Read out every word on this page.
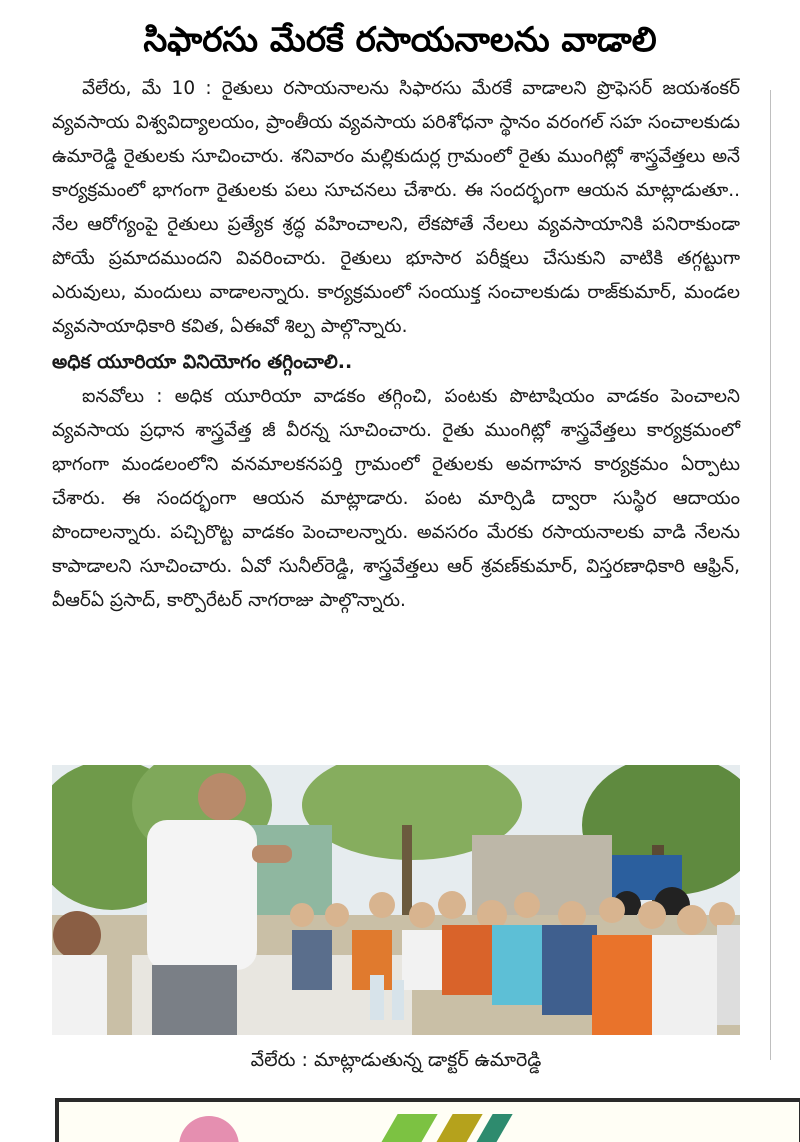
సిఫారసు మేరకే రసాయనాలను వాడాలి

వేలేరు, మే 10 : రైతులు రసాయనాలను సిఫారసు మేరకే వాడాలని ప్రొఫెసర్ జయశంకర్ వ్యవసాయ విశ్వవిద్యాలయం, ప్రాంతీయ వ్యవసాయ పరిశోధనా స్థానం వరంగల్ సహ సంచాలకుడు ఉమారెడ్డి రైతులకు సూచించారు. శనివారం మల్లికుదుర్ల గ్రామంలో రైతు ముంగిట్లో శాస్త్రవేత్తలు అనే కార్యక్రమంలో భాగంగా రైతులకు పలు సూచనలు చేశారు. ఈ సందర్భంగా ఆయన మాట్లాడుతూ.. నేల ఆరోగ్యంపై రైతులు ప్రత్యేక శ్రద్ధ వహించాలని, లేకపోతే నేలలు వ్యవసాయానికి పనిరాకుండా పోయే ప్రమాదముందని వివరించారు. రైతులు భూసార పరీక్షలు చేసుకుని వాటికి తగ్గట్టుగా ఎరువులు, మందులు వాడాలన్నారు. కార్యక్రమంలో సంయుక్త సంచాలకుడు రాజ్‌కుమార్, మండల వ్యవసాయాధికారి కవిత, ఏఈవో శిల్ప పాల్గొన్నారు.

అధిక యూరియా వినియోగం తగ్గించాలి..

ఐనవోలు : అధిక యూరియా వాడకం తగ్గించి, పంటకు పొటాషియం వాడకం పెంచాలని వ్యవసాయ ప్రధాన శాస్త్రవేత్త జీ వీరన్న సూచించారు. రైతు ముంగిట్లో శాస్త్రవేత్తలు కార్యక్రమంలో భాగంగా మండలంలోని వనమాలకనపర్తి గ్రామంలో రైతులకు అవగాహన కార్యక్రమం ఏర్పాటు చేశారు. ఈ సందర్భంగా ఆయన మాట్లాడారు. పంట మార్పిడి ద్వారా సుస్థిర ఆదాయం పొందాలన్నారు. పచ్చిరొట్ట వాడకం పెంచాలన్నారు. అవసరం మేరకు రసాయనాలకు వాడి నేలను కాపాడాలని సూచించారు. ఏవో సునీల్‌రెడ్డి, శాస్త్రవేత్తలు ఆర్ శ్రవణ్‌కుమార్, విస్తరణాధికారి ఆఫ్రిన్, వీఆర్ఏ ప్రసాద్, కార్పొరేటర్ నాగరాజు పాల్గొన్నారు.

వేలేరు : మాట్లాడుతున్న డాక్టర్ ఉమారెడ్డి
